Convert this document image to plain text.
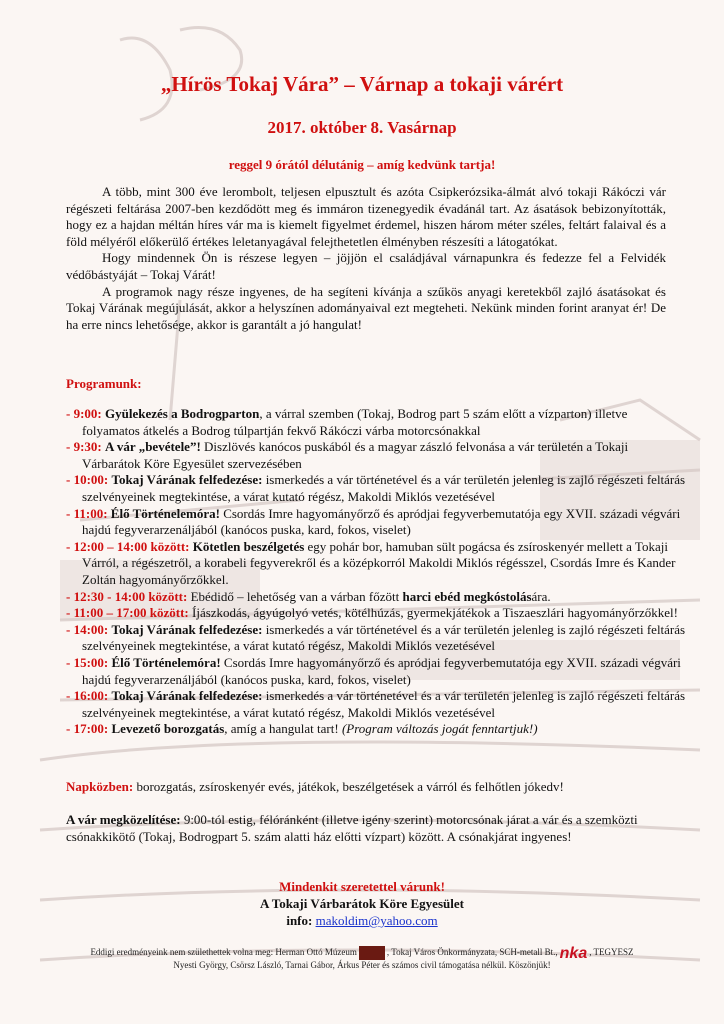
„Hírös Tokaj Vára” – Várnap a tokaji várért
2017. október 8. Vasárnap
reggel 9 órától délutánig – amíg kedvünk tartja!

A több, mint 300 éve lerombolt, teljesen elpusztult és azóta Csipkerózsika-álmát alvó tokaji Rákóczi vár régészeti feltárása 2007-ben kezdődött meg és immáron tizenegyedik évadánál tart. Az ásatások bebizonyították, hogy ez a hajdan méltán híres vár ma is kiemelt figyelmet érdemel, hiszen három méter széles, feltárt falaival és a föld mélyéről előkerülő értékes leletanyagával felejthetetlen élményben részesíti a látogatókat.

Hogy mindennek Ön is részese legyen – jöjjön el családjával várnapunkra és fedezze fel a Felvidék védőbástyáját – Tokaj Várát!

A programok nagy része ingyenes, de ha segíteni kívánja a szűkös anyagi keretekből zajló ásatásokat és Tokaj Várának megújulását, akkor a helyszínen adományaival ezt megteheti. Nekünk minden forint aranyat ér! De ha erre nincs lehetősége, akkor is garantált a jó hangulat!

Programunk:

- 9:00: Gyülekezés a Bodrogparton, a várral szemben (Tokaj, Bodrog part 5 szám előtt a vízparton) illetve folyamatos átkelés a Bodrog túlpartján fekvő Rákóczi várba motorcsónakkal

- 9:30: A vár „bevétele”! Diszlövés kanócos puskából és a magyar zászló felvonása a vár területén a Tokaji Várbarátok Köre Egyesület szervezésében

- 10:00: Tokaj Várának felfedezése: ismerkedés a vár történetével és a vár területén jelenleg is zajló régészeti feltárás szelvényeinek megtekintése, a várat kutató régész, Makoldi Miklós vezetésével

- 11:00: Élő Történelemóra! Csordás Imre hagyományőrző és apródjai fegyverbemutatója egy XVII. századi végvári hajdú fegyverarzenáljából (kanócos puska, kard, fokos, viselet)

- 12:00 – 14:00 között: Kötetlen beszélgetés egy pohár bor, hamuban sült pogácsa és zsíroskenyér mellett a Tokaji Várról, a régészetről, a korabeli fegyverekről és a középkorról Makoldi Miklós régésszel, Csordás Imre és Kander Zoltán hagyományőrzőkkel.

- 12:30 - 14:00 között: Ebédidő – lehetőség van a várban főzött harci ebéd megkóstolására.

- 11:00 – 17:00 között: Íjászkodás, ágyúgolyó vetés, kötélhúzás, gyermekjátékok a Tiszaeszlári hagyományőrzőkkel!

- 14:00: Tokaj Várának felfedezése: ismerkedés a vár történetével és a vár területén jelenleg is zajló régészeti feltárás szelvényeinek megtekintése, a várat kutató régész, Makoldi Miklós vezetésével

- 15:00: Élő Történelemóra! Csordás Imre hagyományőrző és apródjai fegyverbemutatója egy XVII. századi végvári hajdú fegyverarzenáljából (kanócos puska, kard, fokos, viselet)

- 16:00: Tokaj Várának felfedezése: ismerkedés a vár történetével és a vár területén jelenleg is zajló régészeti feltárás szelvényeinek megtekintése, a várat kutató régész, Makoldi Miklós vezetésével

- 17:00: Levezető borozgatás, amíg a hangulat tart! (Program változás jogát fenntartjuk!)

Napközben: borozgatás, zsíroskenyér evés, játékok, beszélgetések a várról és felhőtlen jókedv!
A vár megközelítése: 9:00-tól estig, félóránként (illetve igény szerint) motorcsónak járat a vár és a szemközti csónakkikötő (Tokaj, Bodrogpart 5. szám alatti ház előtti vízpart) között. A csónakjárat ingyenes!
Mindenkit szeretettel várunk!
A Tokaji Várbarátok Köre Egyesület
info: makoldim@yahoo.com
Eddigi eredményeink nem születhettek volna meg: Herman Ottó Múzeum	, Tokaj Város Önkormányzata, SCH-metall Bt., nka , TEGYESZ
Nyesti György, Csörsz László, Tarnai Gábor, Árkus Péter és számos civil támogatása nélkül. Köszönjük!
